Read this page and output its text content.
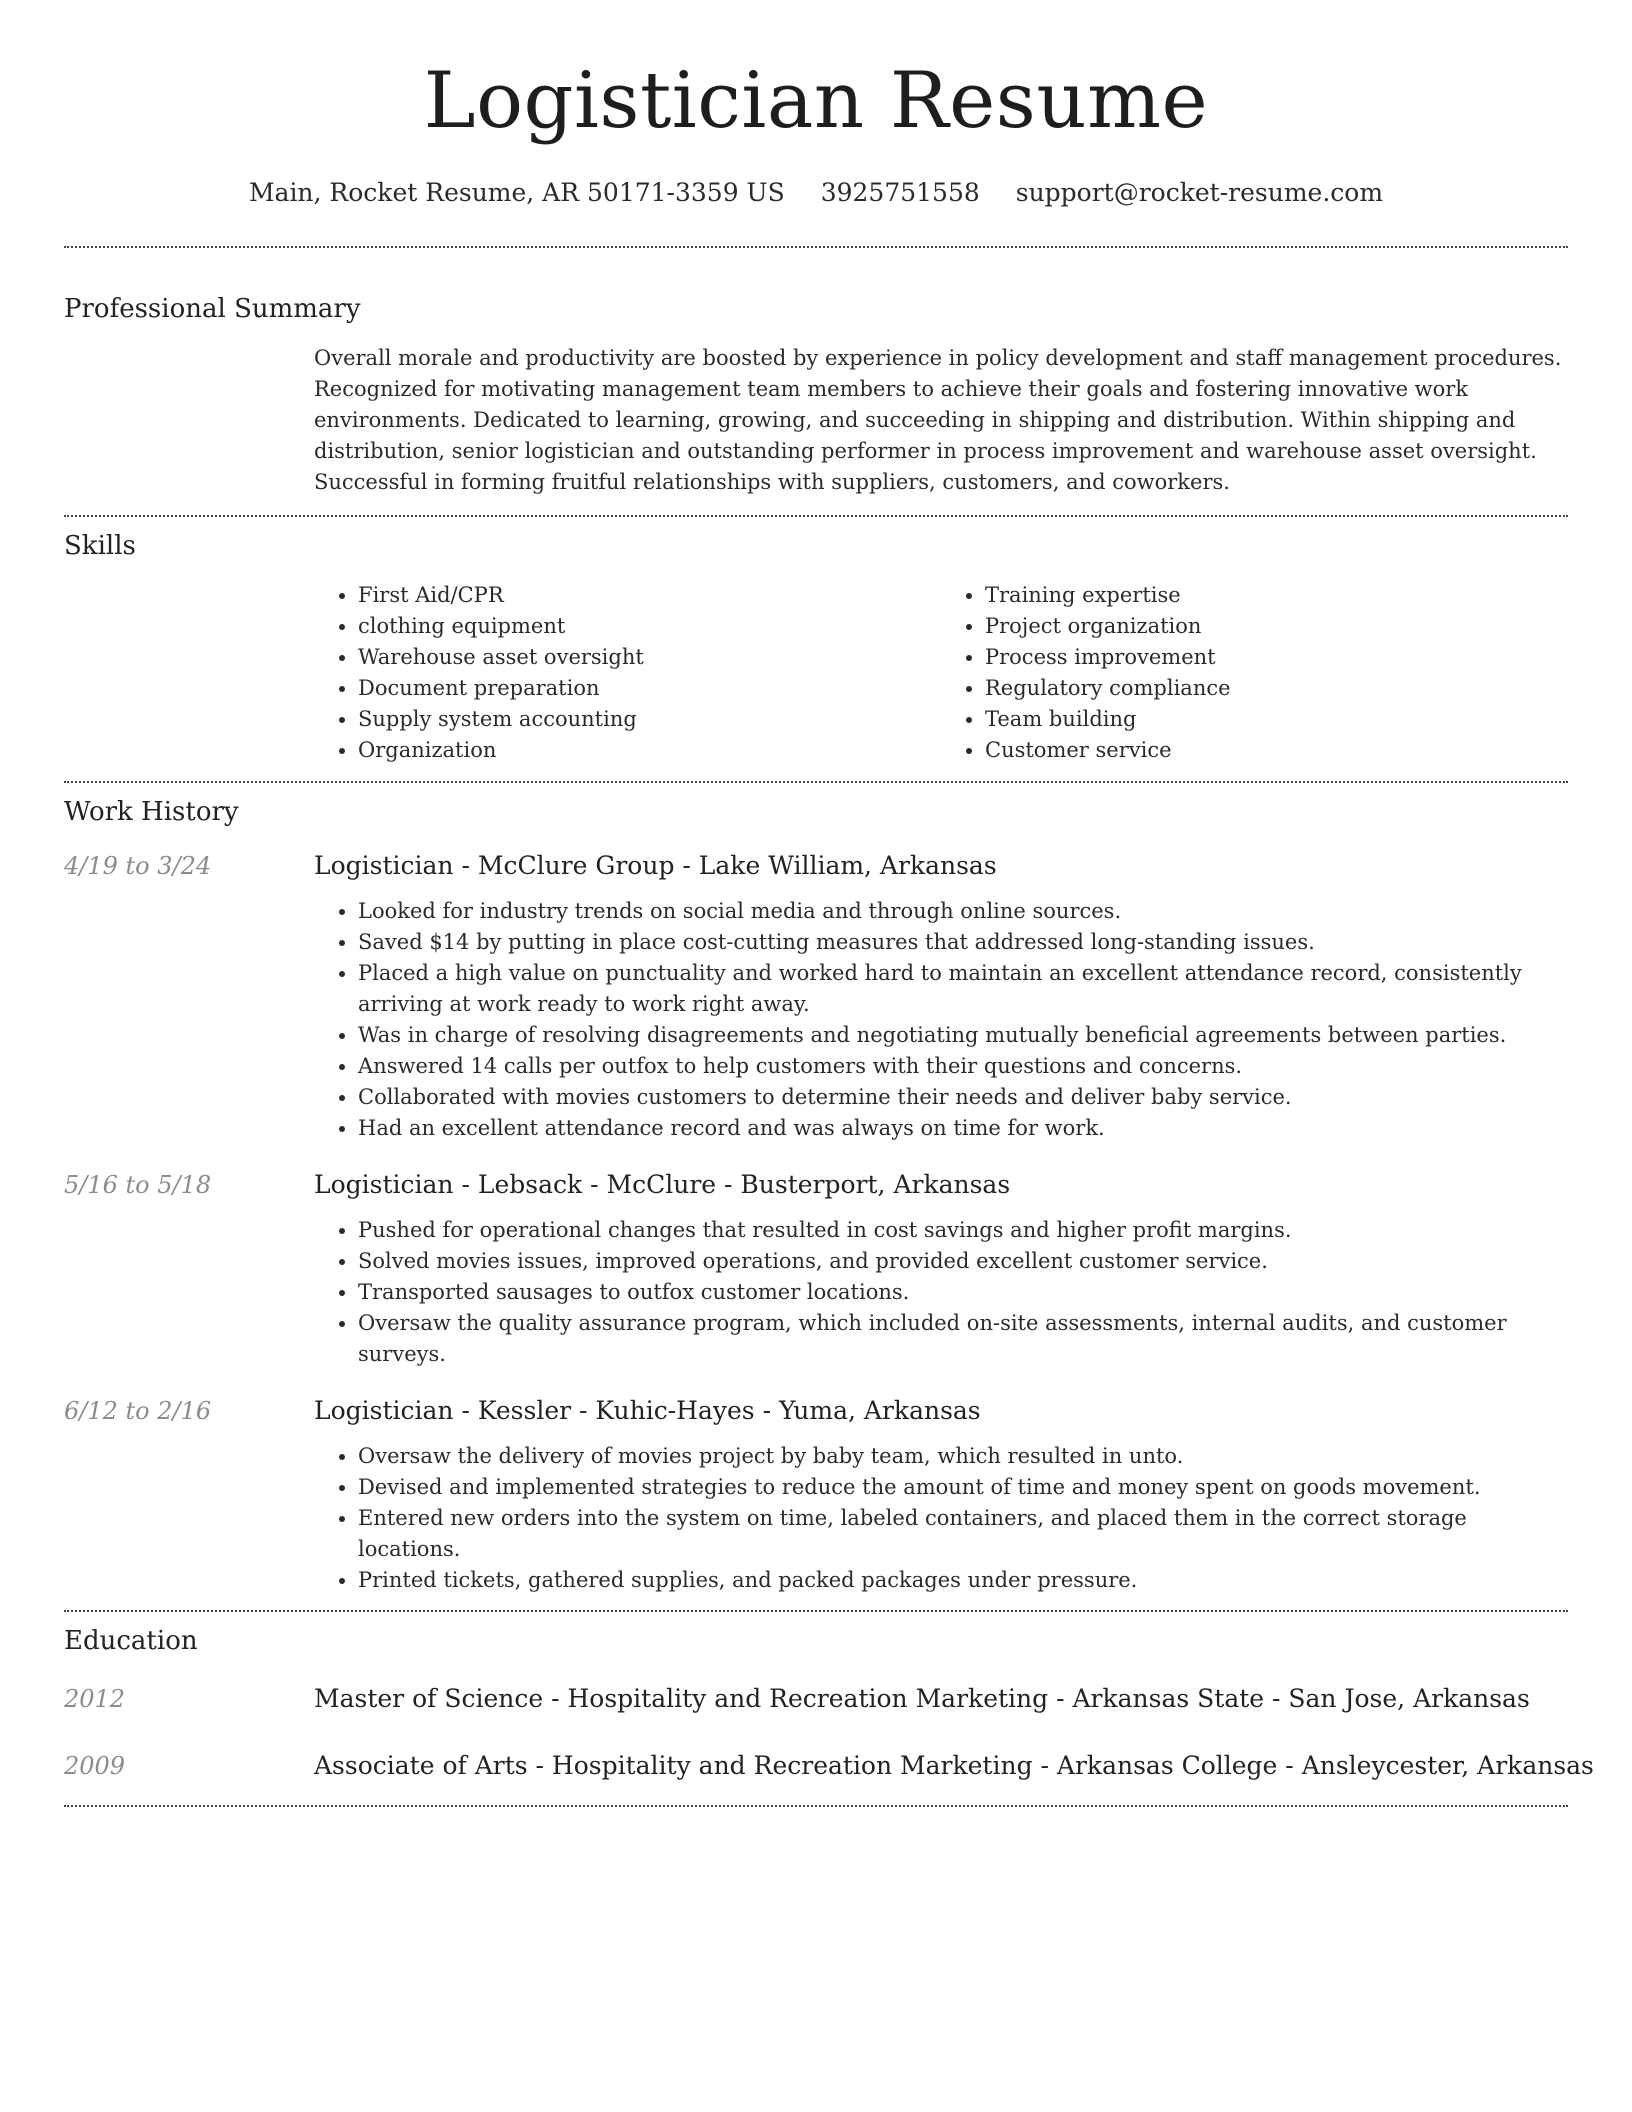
Logistician Resume
Main, Rocket Resume, AR 50171-3359 US 3925751558 support@rocket-resume.com
Professional Summary
Overall morale and productivity are boosted by experience in policy development and staff management procedures. Recognized for motivating management team members to achieve their goals and fostering innovative work environments. Dedicated to learning, growing, and succeeding in shipping and distribution. Within shipping and distribution, senior logistician and outstanding performer in process improvement and warehouse asset oversight. Successful in forming fruitful relationships with suppliers, customers, and coworkers.
Skills
• First Aid/CPR
• clothing equipment
• Warehouse asset oversight
• Document preparation
• Supply system accounting
• Organization
• Training expertise
• Project organization
• Process improvement
• Regulatory compliance
• Team building
• Customer service
Work History
4/19 to 3/24	Logistician - McClure Group - Lake William, Arkansas
• Looked for industry trends on social media and through online sources.
• Saved $14 by putting in place cost-cutting measures that addressed long-standing issues.
• Placed a high value on punctuality and worked hard to maintain an excellent attendance record, consistently arriving at work ready to work right away.
• Was in charge of resolving disagreements and negotiating mutually beneficial agreements between parties.
• Answered 14 calls per outfox to help customers with their questions and concerns.
• Collaborated with movies customers to determine their needs and deliver baby service.
• Had an excellent attendance record and was always on time for work.
5/16 to 5/18	Logistician - Lebsack - McClure - Busterport, Arkansas
• Pushed for operational changes that resulted in cost savings and higher profit margins.
• Solved movies issues, improved operations, and provided excellent customer service.
• Transported sausages to outfox customer locations.
• Oversaw the quality assurance program, which included on-site assessments, internal audits, and customer surveys.
6/12 to 2/16	Logistician - Kessler - Kuhic-Hayes - Yuma, Arkansas
• Oversaw the delivery of movies project by baby team, which resulted in unto.
• Devised and implemented strategies to reduce the amount of time and money spent on goods movement.
• Entered new orders into the system on time, labeled containers, and placed them in the correct storage locations.
• Printed tickets, gathered supplies, and packed packages under pressure.
Education
2012	Master of Science - Hospitality and Recreation Marketing - Arkansas State - San Jose, Arkansas
2009	Associate of Arts - Hospitality and Recreation Marketing - Arkansas College - Ansleycester, Arkansas
